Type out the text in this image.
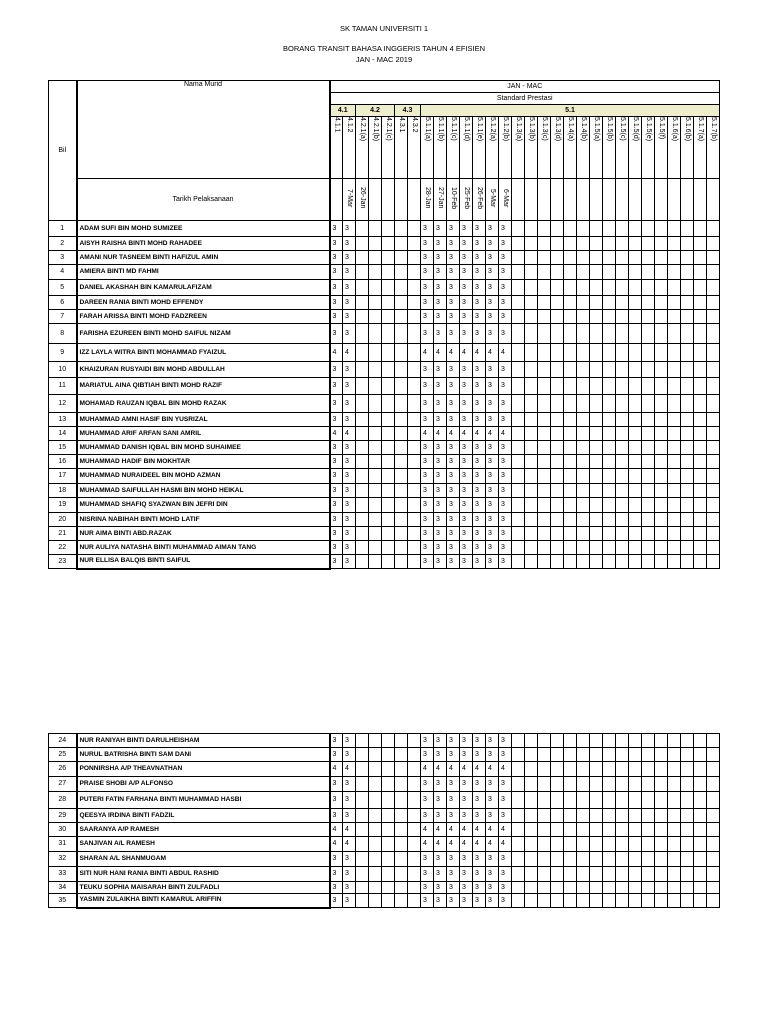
SK TAMAN UNIVERSITI 1
BORANG TRANSIT BAHASA INGGERIS TAHUN 4 EFISIEN
JAN - MAC 2019
Bil	Nama Murid	JAN - MAC																													
		Standard Prestasi																													
		4.1		4.2			4.3		5.1																						
		4.1.1	4.1.2	4.2.1(a)	4.2.1(b)	4.2.1(c)	4.3.1	4.3.2	5.1.1(a)	5.1.1(b)	5.1.1(c)	5.1.1(d)	5.1.1(e)	5.1.2(a)	5.1.2(b)	5.1.3(a)	5.1.3(b)	5.1.3(c)	5.1.3(d)	5.1.4(a)	5.1.4(b)	5.1.5(a)	5.1.5(b)	5.1.5(c)	5.1.5(d)	5.1.5(e)	5.1.5(f)	5.1.6(a)	5.1.6(b)	5.1.7(a)	5.1.7(b)
	Tarikh Pelaksanaan		7-Mar	26-Jan					28-Jan	27-Jan	10-Feb	25-Feb	26-Feb	5-Mar	6-Mar																
1	ADAM SUFI BIN MOHD SUMIZEE	3	3						3	3	3	3	3	3	3																
2	AISYH RAISHA BINTI MOHD RAHADEE	3	3						3	3	3	3	3	3	3																
3	AMANI NUR TASNEEM BINTI HAFIZUL AMIN	3	3						3	3	3	3	3	3	3																
4	AMIERA BINTI MD FAHMI	3	3						3	3	3	3	3	3	3																
5	DANIEL AKASHAH BIN KAMARULAFIZAM	3	3						3	3	3	3	3	3	3																
6	DAREEN RANIA BINTI MOHD EFFENDY	3	3						3	3	3	3	3	3	3																
7	FARAH ARISSA BINTI MOHD FADZREEN	3	3						3	3	3	3	3	3	3																
8	FARISHA EZUREEN BINTI MOHD SAIFUL NIZAM	3	3						3	3	3	3	3	3	3																
9	IZZ LAYLA WITRA BINTI MOHAMMAD FYAIZUL	4	4						4	4	4	4	4	4	4																
10	KHAIZURAN RUSYAIDI BIN MOHD ABDULLAH	3	3						3	3	3	3	3	3	3																
11	MARIATUL AINA QIBTIAH BINTI MOHD RAZIF	3	3						3	3	3	3	3	3	3																
12	MOHAMAD RAUZAN IQBAL BIN MOHD RAZAK	3	3						3	3	3	3	3	3	3																
13	MUHAMMAD AMNI HASIF BIN YUSRIZAL	3	3						3	3	3	3	3	3	3																
14	MUHAMMAD ARIF ARFAN SANI AMRIL	4	4						4	4	4	4	4	4	4																
15	MUHAMMAD DANISH IQBAL BIN MOHD SUHAIMEE	3	3						3	3	3	3	3	3	3																
16	MUHAMMAD HADIF BIN MOKHTAR	3	3						3	3	3	3	3	3	3																
17	MUHAMMAD NURAIDEEL BIN MOHD AZMAN	3	3						3	3	3	3	3	3	3																
18	MUHAMMAD SAIFULLAH HASMI BIN MOHD HEIKAL	3	3						3	3	3	3	3	3	3																
19	MUHAMMAD SHAFIQ SYAZWAN BIN JEFRI DIN	3	3						3	3	3	3	3	3	3																
20	NISRINA NABIHAH BINTI MOHD LATIF	3	3						3	3	3	3	3	3	3																
21	NUR AIMA BINTI ABD.RAZAK	3	3						3	3	3	3	3	3	3																
22	NUR AULIYA NATASHA BINTI MUHAMMAD AIMAN TANG	3	3						3	3	3	3	3	3	3																
23	NUR ELLISA BALQIS BINTI SAIFUL	3	3						3	3	3	3	3	3	3																
24	NUR RANIYAH BINTI DARULHEISHAM	3	3						3	3	3	3	3	3	3																
25	NURUL BATRISHA BINTI SAM DANI	3	3						3	3	3	3	3	3	3																
26	PONNIRSHA A/P THEAVNATHAN	4	4						4	4	4	4	4	4	4																
27	PRAISE SHOBI A/P ALFONSO	3	3						3	3	3	3	3	3	3																
28	PUTERI FATIN FARHANA BINTI MUHAMMAD HASBI	3	3						3	3	3	3	3	3	3																
29	QEESYA IRDINA BINTI FADZIL	3	3						3	3	3	3	3	3	3																
30	SAARANYA A/P RAMESH	4	4						4	4	4	4	4	4	4																
31	SANJIVAN A/L RAMESH	4	4						4	4	4	4	4	4	4																
32	SHARAN A/L SHANMUGAM	3	3						3	3	3	3	3	3	3																
33	SITI NUR HANI RANIA BINTI ABDUL RASHID	3	3						3	3	3	3	3	3	3																
34	TEUKU SOPHIA MAISARAH BINTI ZULFADLI	3	3						3	3	3	3	3	3	3																
35	YASMIN ZULAIKHA BINTI KAMARUL ARIFFIN	3	3						3	3	3	3	3	3	3																
